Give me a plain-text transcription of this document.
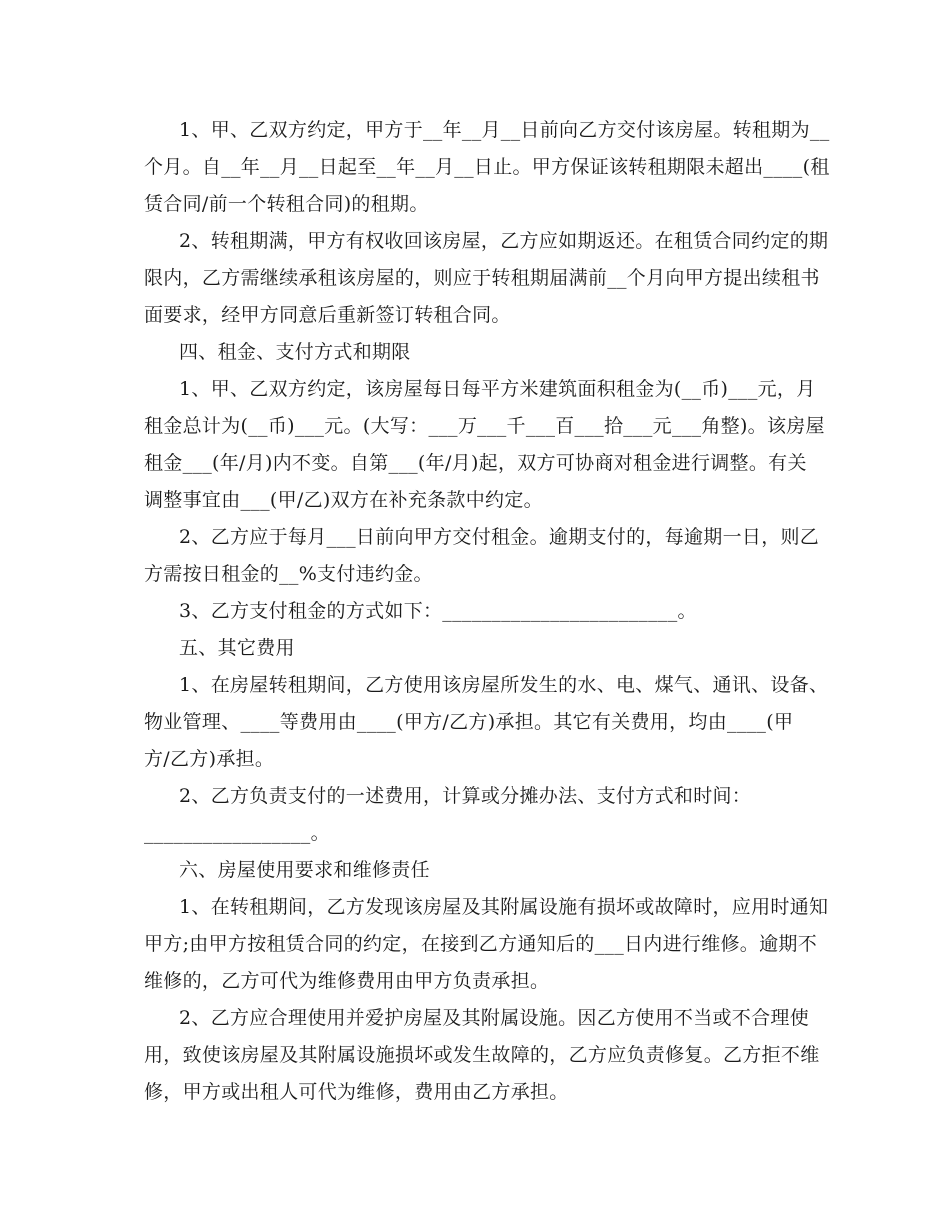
1、甲、乙双方约定，甲方于__年__月__日前向乙方交付该房屋。转租期为__
个月。自__年__月__日起至__年__月__日止。甲方保证该转租期限未超出____(租
赁合同/前一个转租合同)的租期。
2、转租期满，甲方有权收回该房屋，乙方应如期返还。在租赁合同约定的期
限内，乙方需继续承租该房屋的，则应于转租期届满前__个月向甲方提出续租书
面要求，经甲方同意后重新签订转租合同。
四、租金、支付方式和期限
1、甲、乙双方约定，该房屋每日每平方米建筑面积租金为(__币)___元，月
租金总计为(__币)___元。(大写：___万___千___百___拾___元___角整)。该房屋
租金___(年/月)内不变。自第___(年/月)起，双方可协商对租金进行调整。有关
调整事宜由___(甲/乙)双方在补充条款中约定。
2、乙方应于每月___日前向甲方交付租金。逾期支付的，每逾期一日，则乙
方需按日租金的__%支付违约金。
3、乙方支付租金的方式如下：________________________。
五、其它费用
1、在房屋转租期间，乙方使用该房屋所发生的水、电、煤气、通讯、设备、
物业管理、____等费用由____(甲方/乙方)承担。其它有关费用，均由____(甲
方/乙方)承担。
2、乙方负责支付的一述费用，计算或分摊办法、支付方式和时间：
_________________。
六、房屋使用要求和维修责任
1、在转租期间，乙方发现该房屋及其附属设施有损坏或故障时，应用时通知
甲方;由甲方按租赁合同的约定，在接到乙方通知后的___日内进行维修。逾期不
维修的，乙方可代为维修费用由甲方负责承担。
2、乙方应合理使用并爱护房屋及其附属设施。因乙方使用不当或不合理使
用，致使该房屋及其附属设施损坏或发生故障的，乙方应负责修复。乙方拒不维
修，甲方或出租人可代为维修，费用由乙方承担。
